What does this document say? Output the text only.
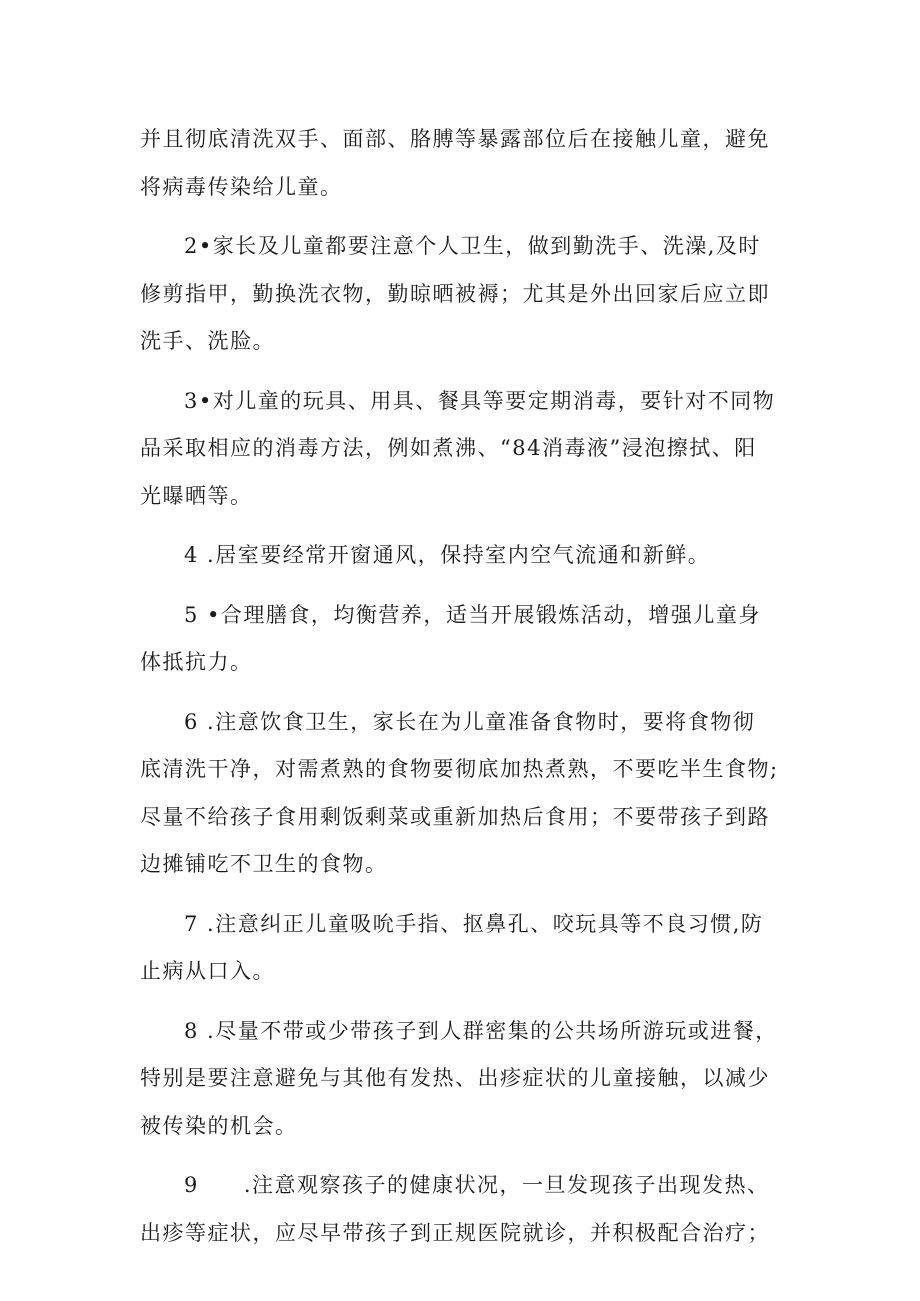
并且彻底清洗双手、面部、胳膊等暴露部位后在接触儿童，避免
将病毒传染给儿童。
2•家长及儿童都要注意个人卫生，做到勤洗手、洗澡,及时
修剪指甲，勤换洗衣物，勤晾晒被褥；尤其是外出回家后应立即
洗手、洗脸。
3•对儿童的玩具、用具、餐具等要定期消毒，要针对不同物
品采取相应的消毒方法，例如煮沸、“84消毒液”浸泡擦拭、阳
光曝晒等。
4 .居室要经常开窗通风，保持室内空气流通和新鲜。
5 •合理膳食，均衡营养，适当开展锻炼活动，增强儿童身
体抵抗力。
6 .注意饮食卫生，家长在为儿童准备食物时，要将食物彻
底清洗干净，对需煮熟的食物要彻底加热煮熟，不要吃半生食物;
尽量不给孩子食用剩饭剩菜或重新加热后食用；不要带孩子到路
边摊铺吃不卫生的食物。
7 .注意纠正儿童吸吮手指、抠鼻孔、咬玩具等不良习惯,防
止病从口入。
8 .尽量不带或少带孩子到人群密集的公共场所游玩或进餐，
特别是要注意避免与其他有发热、出疹症状的儿童接触，以减少
被传染的机会。
9　　.注意观察孩子的健康状况，一旦发现孩子出现发热、
出疹等症状，应尽早带孩子到正规医院就诊，并积极配合治疗；
